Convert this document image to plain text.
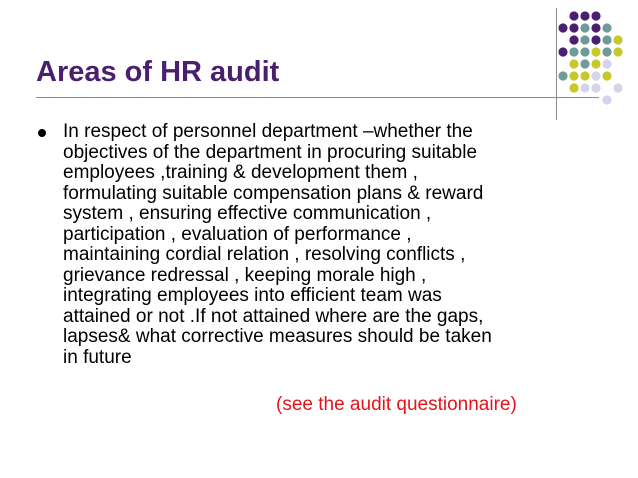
Areas of HR audit

In respect of personnel department –whether the
objectives of the department in procuring suitable
employees ,training & development them ,
formulating suitable compensation plans & reward
system , ensuring effective communication ,
participation , evaluation of performance ,
maintaining cordial relation , resolving conflicts ,
grievance redressal , keeping morale high ,
integrating employees into efficient team was
attained or not .If not attained where are the gaps,
lapses& what corrective measures should be taken
in future

(see the audit questionnaire)
